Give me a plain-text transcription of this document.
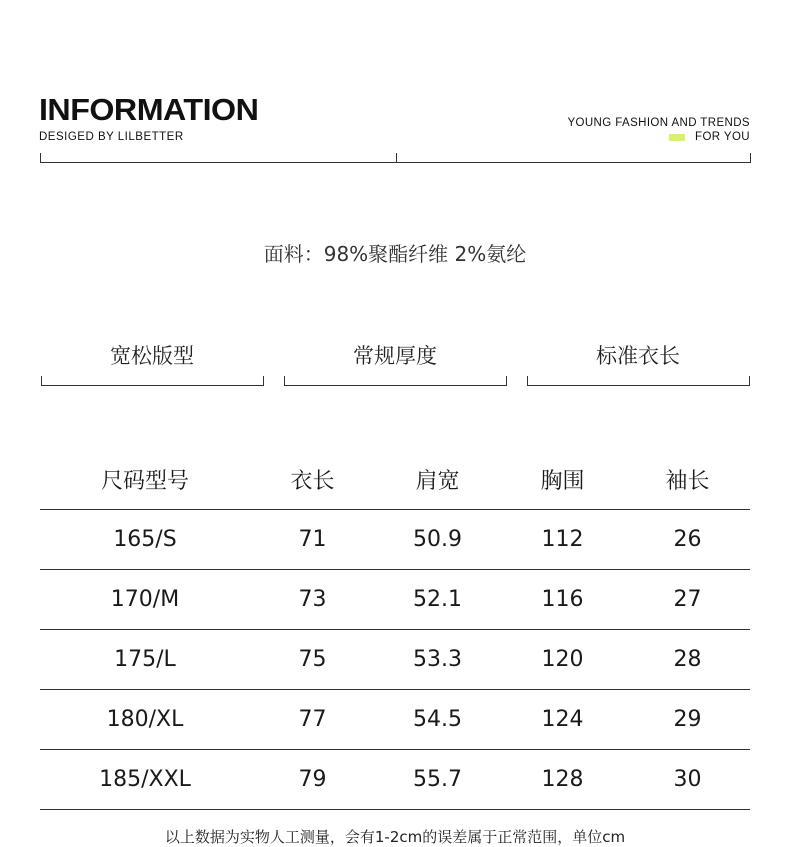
INFORMATION
DESIGED BY LILBETTER
YOUNG FASHION AND TRENDS
FOR YOU
面料：98%聚酯纤维 2%氨纶
宽松版型	常规厚度	标准衣长
尺码型号	衣长	肩宽	胸围	袖长
165/S	71	50.9	112	26
170/M	73	52.1	116	27
175/L	75	53.3	120	28
180/XL	77	54.5	124	29
185/XXL	79	55.7	128	30
以上数据为实物人工测量，会有1-2cm的误差属于正常范围，单位cm
